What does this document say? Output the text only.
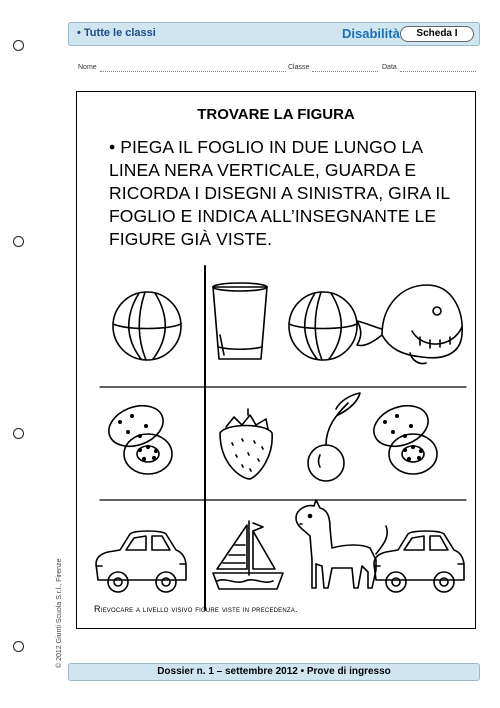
• Tutte le classi	Disabilità	Scheda I
Nome	Classe	Data
TROVARE LA FIGURA
• PIEGA IL FOGLIO IN DUE LUNGO LA LINEA NERA VERTICALE, GUARDA E RICORDA I DISEGNI A SINISTRA, GIRA IL FOGLIO E INDICA ALL’INSEGNANTE LE FIGURE GIÀ VISTE.
Rievocare a livello visivo figure viste in precedenza.
© 2012 Giunti Scuola S.r.l., Firenze
Dossier n. 1 – settembre 2012 • Prove di ingresso
